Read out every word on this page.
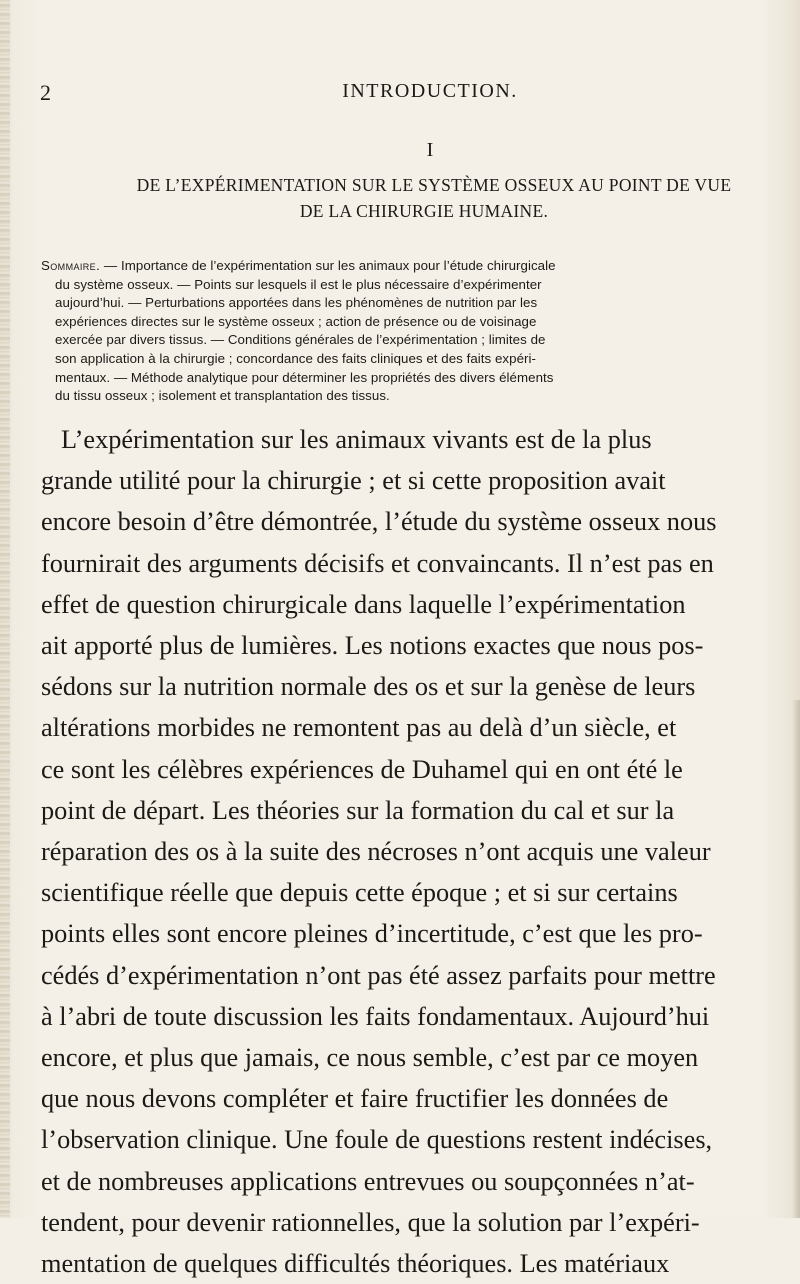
2	INTRODUCTION.
I
DE L’EXPÉRIMENTATION SUR LE SYSTÈME OSSEUX AU POINT DE VUE
DE LA CHIRURGIE HUMAINE.
Sommaire. — Importance de l’expérimentation sur les animaux pour l’étude chirurgicale
du système osseux. — Points sur lesquels il est le plus nécessaire d’expérimenter
aujourd’hui. — Perturbations apportées dans les phénomènes de nutrition par les
expériences directes sur le système osseux ; action de présence ou de voisinage
exercée par divers tissus. — Conditions générales de l’expérimentation ; limites de
son application à la chirurgie ; concordance des faits cliniques et des faits expéri-
mentaux. — Méthode analytique pour déterminer les propriétés des divers éléments
du tissu osseux ; isolement et transplantation des tissus.
L’expérimentation sur les animaux vivants est de la plus
grande utilité pour la chirurgie ; et si cette proposition avait
encore besoin d’être démontrée, l’étude du système osseux nous
fournirait des arguments décisifs et convaincants. Il n’est pas en
effet de question chirurgicale dans laquelle l’expérimentation
ait apporté plus de lumières. Les notions exactes que nous pos-
sédons sur la nutrition normale des os et sur la genèse de leurs
altérations morbides ne remontent pas au delà d’un siècle, et
ce sont les célèbres expériences de Duhamel qui en ont été le
point de départ. Les théories sur la formation du cal et sur la
réparation des os à la suite des nécroses n’ont acquis une valeur
scientifique réelle que depuis cette époque ; et si sur certains
points elles sont encore pleines d’incertitude, c’est que les pro-
cédés d’expérimentation n’ont pas été assez parfaits pour mettre
à l’abri de toute discussion les faits fondamentaux. Aujourd’hui
encore, et plus que jamais, ce nous semble, c’est par ce moyen
que nous devons compléter et faire fructifier les données de
l’observation clinique. Une foule de questions restent indécises,
et de nombreuses applications entrevues ou soupçonnées n’at-
tendent, pour devenir rationnelles, que la solution par l’expéri-
mentation de quelques difficultés théoriques. Les matériaux
